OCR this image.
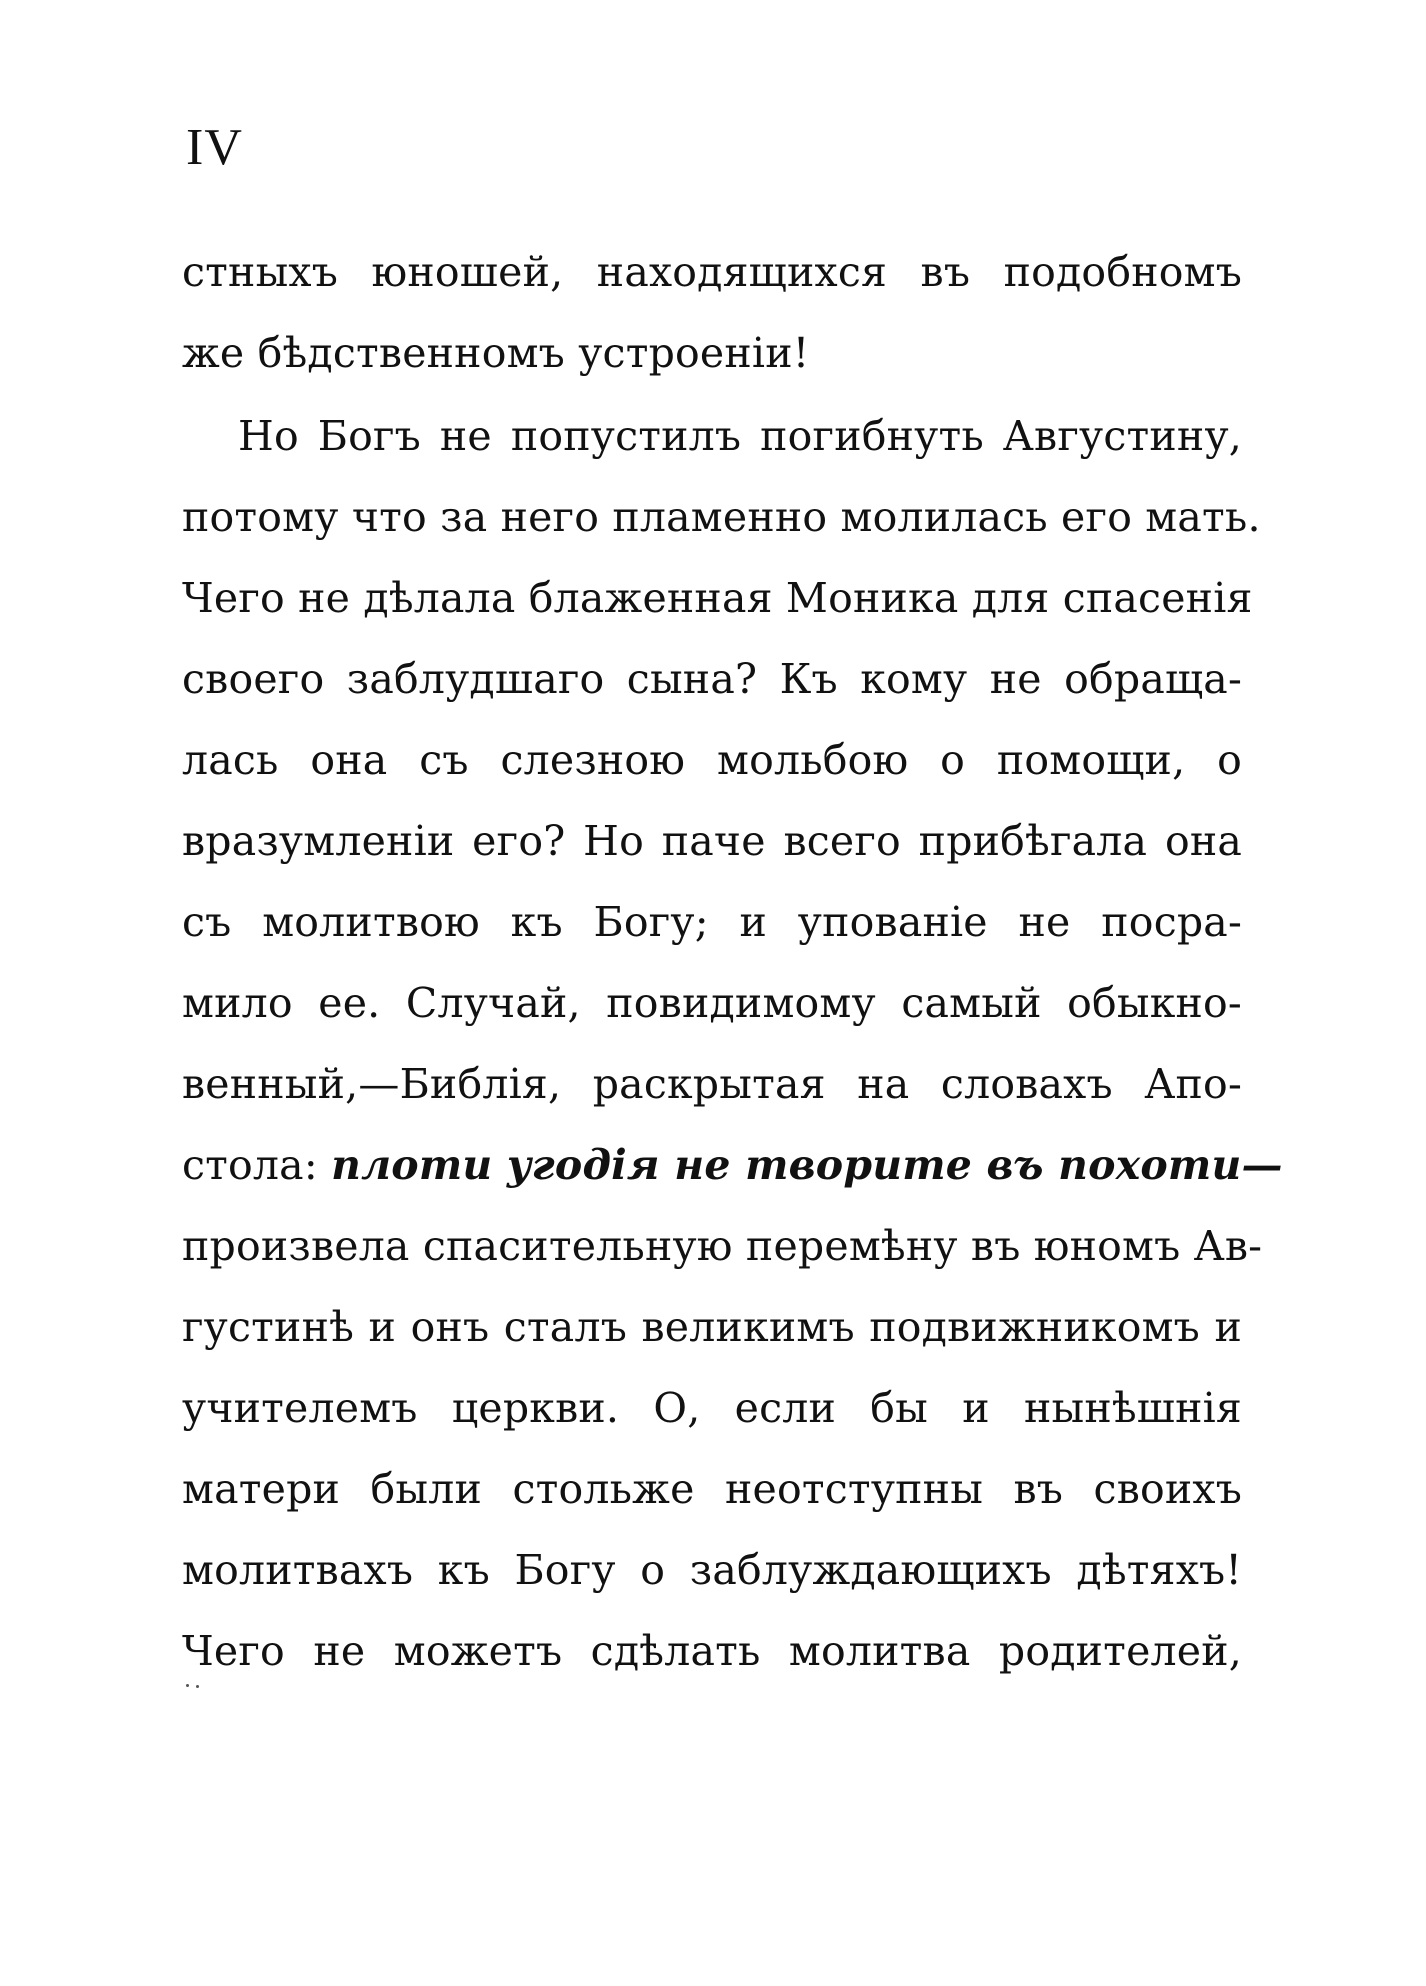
IV
стныхъ юношей, находящихся въ подобномъ
же бѣдственномъ устроеніи!
Но Богъ не попустилъ погибнуть Августину,
потому что за него пламенно молилась его мать.
Чего не дѣлала блаженная Моника для спасенія
своего заблудшаго сына? Къ кому не обраща-
лась она съ слезною мольбою о помощи, о
вразумленіи его? Но паче всего прибѣгала она
съ молитвою къ Богу; и упованіе не посра-
мило ее. Случай, повидимому самый обыкно-
венный,—Библія, раскрытая на словахъ Апо-
стола: плоти угодія не творите въ похоти—
произвела спасительную перемѣну въ юномъ Ав-
густинѣ и онъ сталъ великимъ подвижникомъ и
учителемъ церкви. О, если бы и нынѣшнія
матери были стольже неотступны въ своихъ
молитвахъ къ Богу о заблуждающихъ дѣтяхъ!
Чего не можетъ сдѣлать молитва родителей,
